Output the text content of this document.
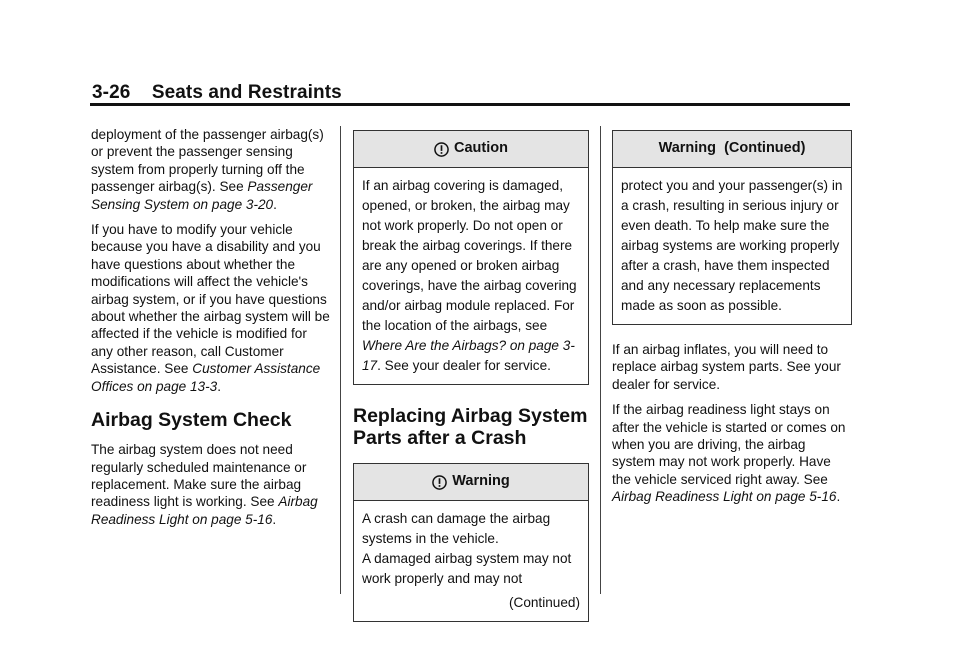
3-26 Seats and Restraints

deployment of the passenger airbag(s) or prevent the passenger sensing system from properly turning off the passenger airbag(s). See Passenger Sensing System on page 3-20.

If you have to modify your vehicle because you have a disability and you have questions about whether the modifications will affect the vehicle's airbag system, or if you have questions about whether the airbag system will be affected if the vehicle is modified for any other reason, call Customer Assistance. See Customer Assistance Offices on page 13-3.

Airbag System Check

The airbag system does not need regularly scheduled maintenance or replacement. Make sure the airbag readiness light is working. See Airbag Readiness Light on page 5-16.

Caution

If an airbag covering is damaged, opened, or broken, the airbag may not work properly. Do not open or break the airbag coverings. If there are any opened or broken airbag coverings, have the airbag covering and/or airbag module replaced. For the location of the airbags, see Where Are the Airbags? on page 3-17. See your dealer for service.

Replacing Airbag System Parts after a Crash
Warning

A crash can damage the airbag systems in the vehicle.

A damaged airbag system may not work properly and may not

(Continued)

Warning  (Continued)

protect you and your passenger(s) in a crash, resulting in serious injury or even death. To help make sure the airbag systems are working properly after a crash, have them inspected and any necessary replacements made as soon as possible.

If an airbag inflates, you will need to replace airbag system parts. See your dealer for service.

If the airbag readiness light stays on after the vehicle is started or comes on when you are driving, the airbag system may not work properly. Have the vehicle serviced right away. See Airbag Readiness Light on page 5-16.
